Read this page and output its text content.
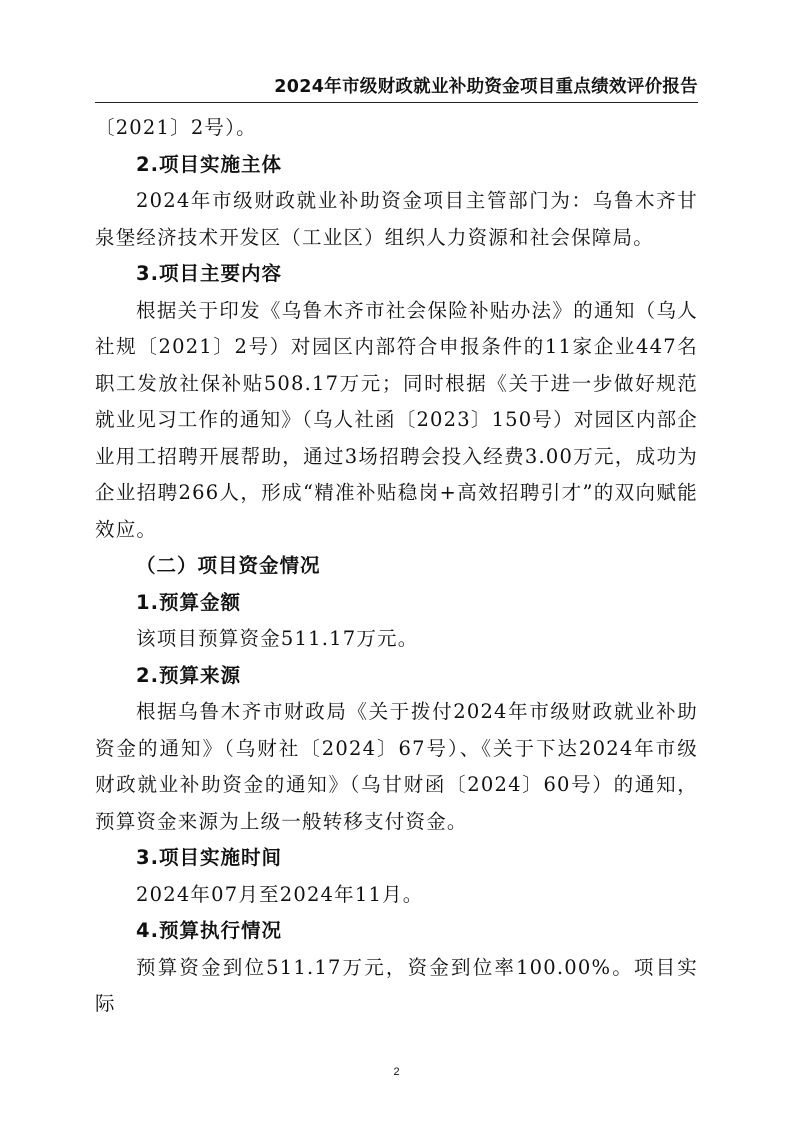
2024年市级财政就业补助资金项目重点绩效评价报告

〔2021〕2号）。

2.项目实施主体

2024年市级财政就业补助资金项目主管部门为：乌鲁木齐甘泉堡经济技术开发区（工业区）组织人力资源和社会保障局。

3.项目主要内容

根据关于印发《乌鲁木齐市社会保险补贴办法》的通知（乌人社规〔2021〕2号）对园区内部符合申报条件的11家企业447名职工发放社保补贴508.17万元；同时根据《关于进一步做好规范就业见习工作的通知》（乌人社函〔2023〕150号）对园区内部企业用工招聘开展帮助，通过3场招聘会投入经费3.00万元，成功为企业招聘266人，形成“精准补贴稳岗+高效招聘引才”的双向赋能效应。

（二）项目资金情况

1.预算金额

该项目预算资金511.17万元。

2.预算来源

根据乌鲁木齐市财政局《关于拨付2024年市级财政就业补助资金的通知》（乌财社〔2024〕67号）、《关于下达2024年市级财政就业补助资金的通知》（乌甘财函〔2024〕60号）的通知，预算资金来源为上级一般转移支付资金。

3.项目实施时间

2024年07月至2024年11月。

4.预算执行情况

预算资金到位511.17万元，资金到位率100.00%。项目实际

2
